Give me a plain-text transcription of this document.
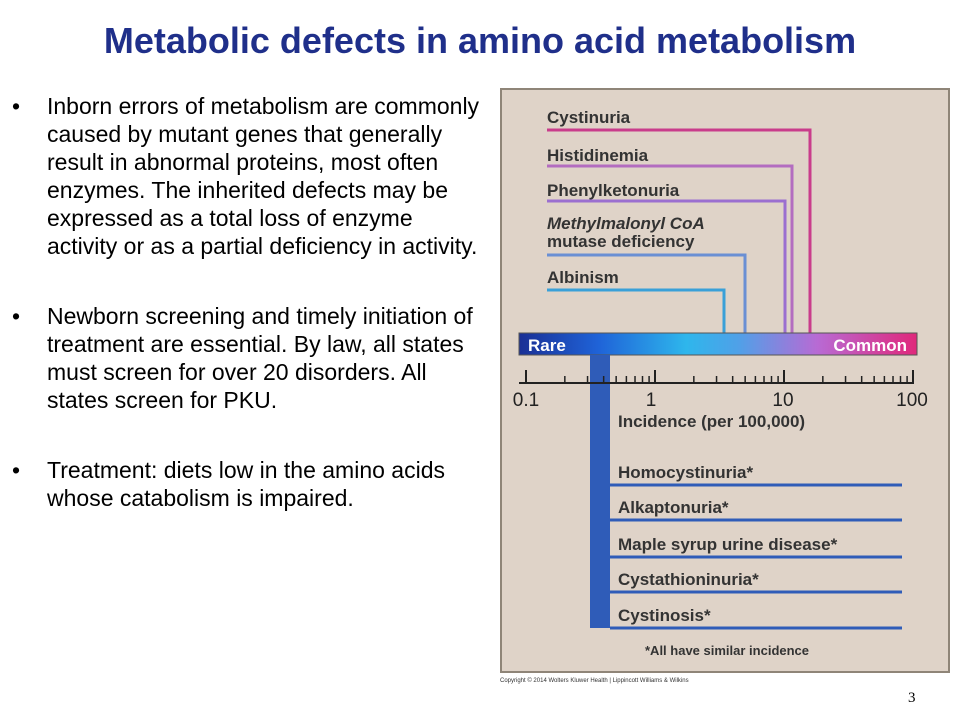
Metabolic defects in amino acid metabolism
• Inborn errors of metabolism are commonly caused by mutant genes that generally result in abnormal proteins, most often enzymes. The inherited defects may be expressed as a total loss of enzyme activity or as a partial deficiency in activity.
• Newborn screening and timely initiation of treatment are essential. By law, all states must screen for over 20 disorders. All states screen for PKU.
• Treatment: diets low in the amino acids whose catabolism is impaired.
Cystinuria
Histidinemia
Phenylketonuria
Methylmalonyl CoA
mutase deficiency
Albinism
Rare	Common
0.1	1	10	100
Incidence (per 100,000)
Homocystinuria*
Alkaptonuria*
Maple syrup urine disease*
Cystathioninuria*
Cystinosis*
*All have similar incidence
Copyright © 2014 Wolters Kluwer Health | Lippincott Williams & Wilkins
3
